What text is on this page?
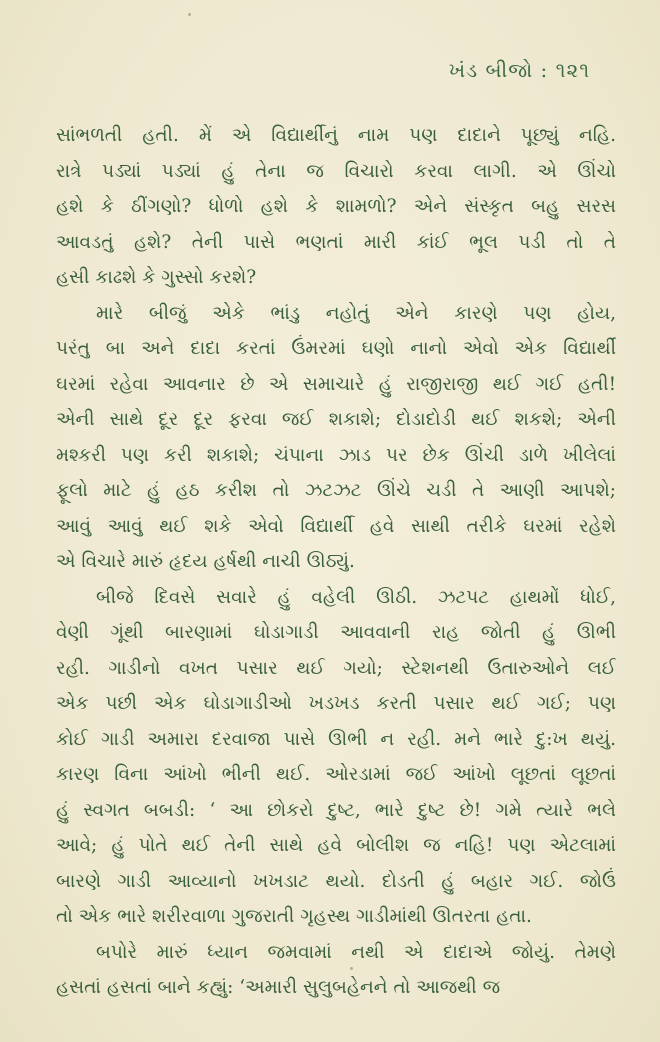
ખંડ બીજો : ૧૨૧
સાંભળતી હતી. મેં એ વિદ્યાર્થીનું નામ પણ દાદાને પૂછ્યું નહિ.
રાત્રે પડ્યાં પડ્યાં હું તેના જ વિચારો કરવા લાગી. એ ઊંચો
હશે કે ઠીંગણો? ધોળો હશે કે શામળો? એને સંસ્કૃત બહુ સરસ
આવડતું હશે? તેની પાસે ભણતાં મારી કાંઈ ભૂલ પડી તો તે
હસી કાઢશે કે ગુસ્સો કરશે?
મારે બીજું એકે ભાંડુ નહોતું એને કારણે પણ હોય,
પરંતુ બા અને દાદા કરતાં ઉંમરમાં ઘણો નાનો એવો એક વિદ્યાર્થી
ઘરમાં રહેવા આવનાર છે એ સમાચારે હું રાજીરાજી થઈ ગઈ હતી!
એની સાથે દૂર દૂર ફરવા જઈ શકાશે; દોડાદોડી થઈ શકશે; એની
મશ્કરી પણ કરી શકાશે; ચંપાના ઝાડ પર છેક ઊંચી ડાળે ખીલેલાં
ફૂલો માટે હું હઠ કરીશ તો ઝટઝટ ઊંચે ચડી તે આણી આપશે;
આવું આવું થઈ શકે એવો વિદ્યાર્થી હવે સાથી તરીકે ઘરમાં રહેશે
એ વિચારે મારું હૃદય હર્ષથી નાચી ઊઠ્યું.
બીજે દિવસે સવારે હું વહેલી ઊઠી. ઝટપટ હાથમોં ધોઈ,
વેણી ગૂંથી બારણામાં ઘોડાગાડી આવવાની રાહ જોતી હું ઊભી
રહી. ગાડીનો વખત પસાર થઈ ગયો; સ્ટેશનથી ઉતારુઓને લઈ
એક પછી એક ઘોડાગાડીઓ ખડખડ કરતી પસાર થઈ ગઈ; પણ
કોઈ ગાડી અમારા દરવાજા પાસે ઊભી ન રહી. મને ભારે દુ:ખ થયું.
કારણ વિના આંખો ભીની થઈ. ઓરડામાં જઈ આંખો લૂછતાં લૂછતાં
હું સ્વગત બબડી: ‘ આ છોકરો દુષ્ટ, ભારે દુષ્ટ છે! ગમે ત્યારે ભલે
આવે; હું પોતે થઈ તેની સાથે હવે બોલીશ જ નહિ! પણ એટલામાં
બારણે ગાડી આવ્યાનો ખખડાટ થયો. દોડતી હું બહાર ગઈ. જોઉં
તો એક ભારે શરીરવાળા ગુજરાતી ગૃહસ્થ ગાડીમાંથી ઊતરતા હતા.
બપોરે મારું ધ્યાન જમવામાં નથી એ દાદાએ જોયું. તેમણે
હસતાં હસતાં બાને કહ્યું: ‘અમારી સુલુબહેનને તો આજથી જ
